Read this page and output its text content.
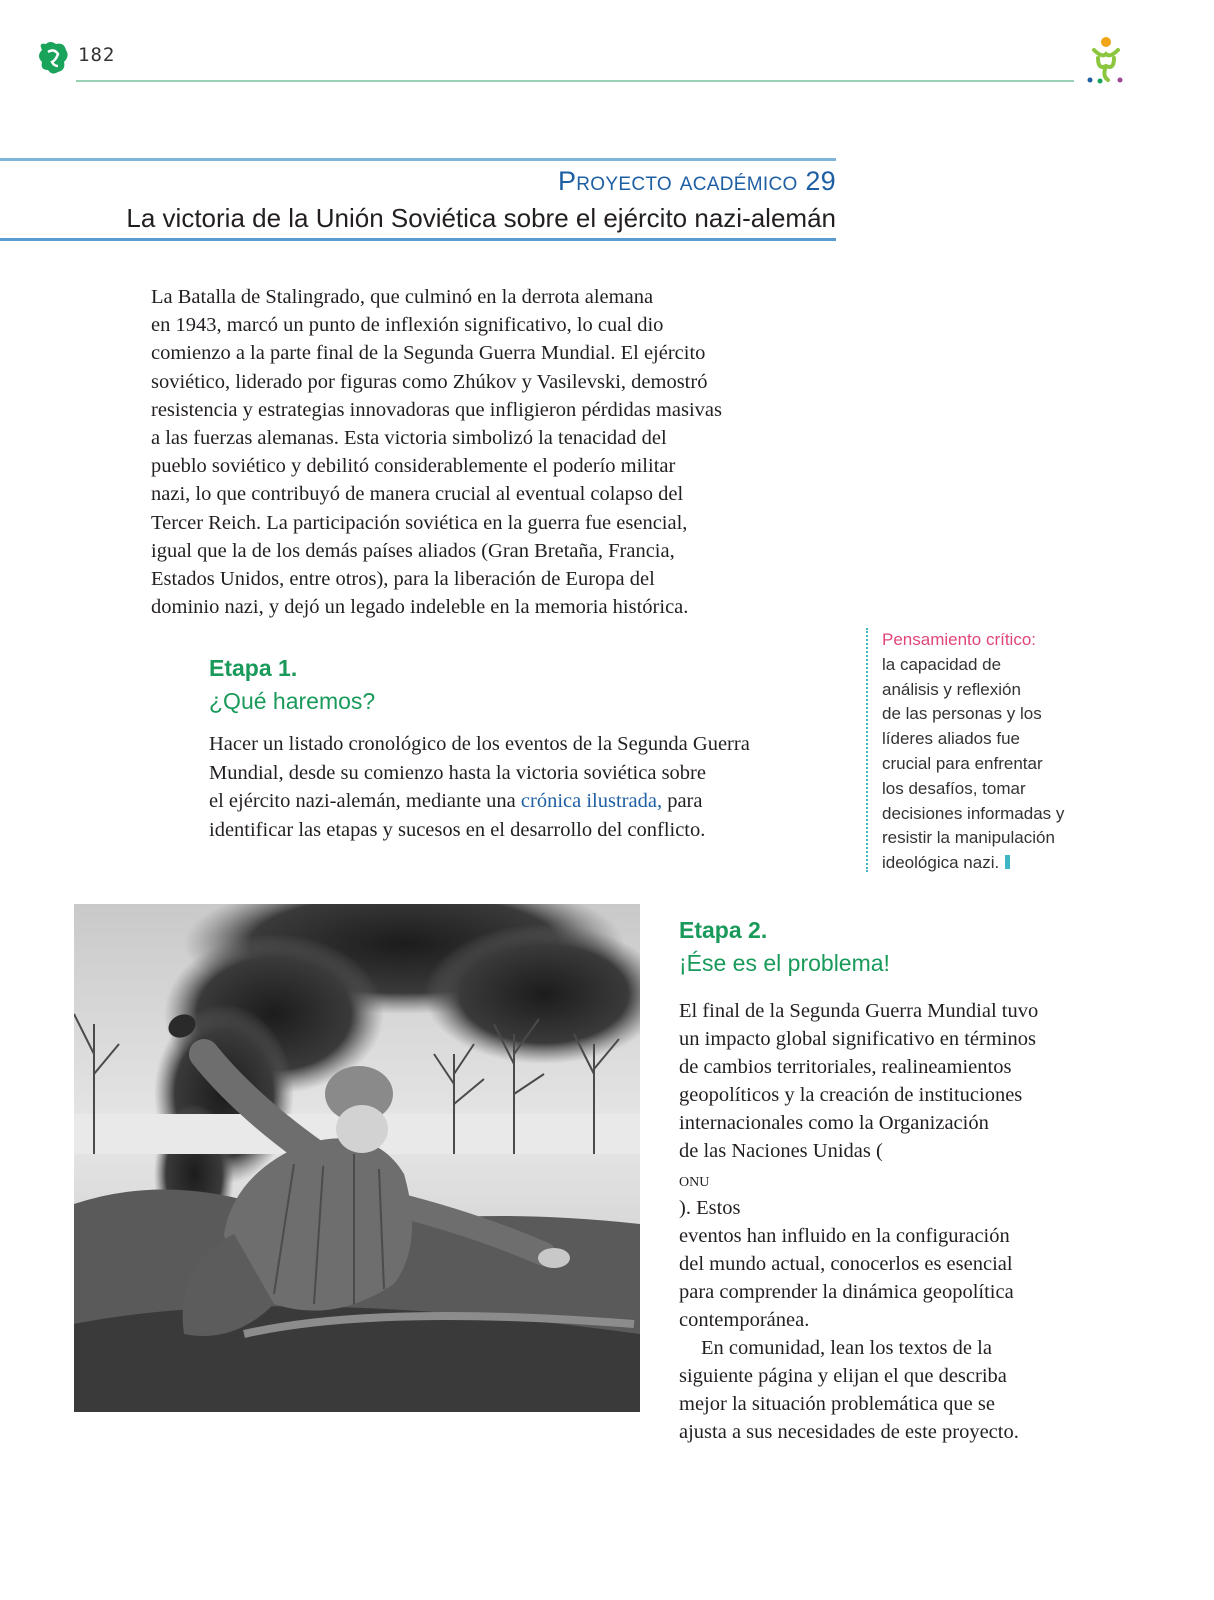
182
Proyecto académico 29
La victoria de la Unión Soviética sobre el ejército nazi-alemán
La Batalla de Stalingrado, que culminó en la derrota alemana
en 1943, marcó un punto de inflexión significativo, lo cual dio
comienzo a la parte final de la Segunda Guerra Mundial. El ejército
soviético, liderado por figuras como Zhúkov y Vasilevski, demostró
resistencia y estrategias innovadoras que infligieron pérdidas masivas
a las fuerzas alemanas. Esta victoria simbolizó la tenacidad del
pueblo soviético y debilitó considerablemente el poderío militar
nazi, lo que contribuyó de manera crucial al eventual colapso del
Tercer Reich. La participación soviética en la guerra fue esencial,
igual que la de los demás países aliados (Gran Bretaña, Francia,
Estados Unidos, entre otros), para la liberación de Europa del
dominio nazi, y dejó un legado indeleble en la memoria histórica.
Etapa 1.
¿Qué haremos?
Hacer un listado cronológico de los eventos de la Segunda Guerra
Mundial, desde su comienzo hasta la victoria soviética sobre
el ejército nazi-alemán, mediante una crónica ilustrada, para
identificar las etapas y sucesos en el desarrollo del conflicto.
Pensamiento crítico:
la capacidad de
análisis y reflexión
de las personas y los
líderes aliados fue
crucial para enfrentar
los desafíos, tomar
decisiones informadas y
resistir la manipulación
ideológica nazi.
Etapa 2.
¡Ése es el problema!
El final de la Segunda Guerra Mundial tuvo
un impacto global significativo en términos
de cambios territoriales, realineamientos
geopolíticos y la creación de instituciones
internacionales como la Organización
de las Naciones Unidas (
onu
). Estos
eventos han influido en la configuración
del mundo actual, conocerlos es esencial
para comprender la dinámica geopolítica
contemporánea.
En comunidad, lean los textos de la
siguiente página y elijan el que describa
mejor la situación problemática que se
ajusta a sus necesidades de este proyecto.
